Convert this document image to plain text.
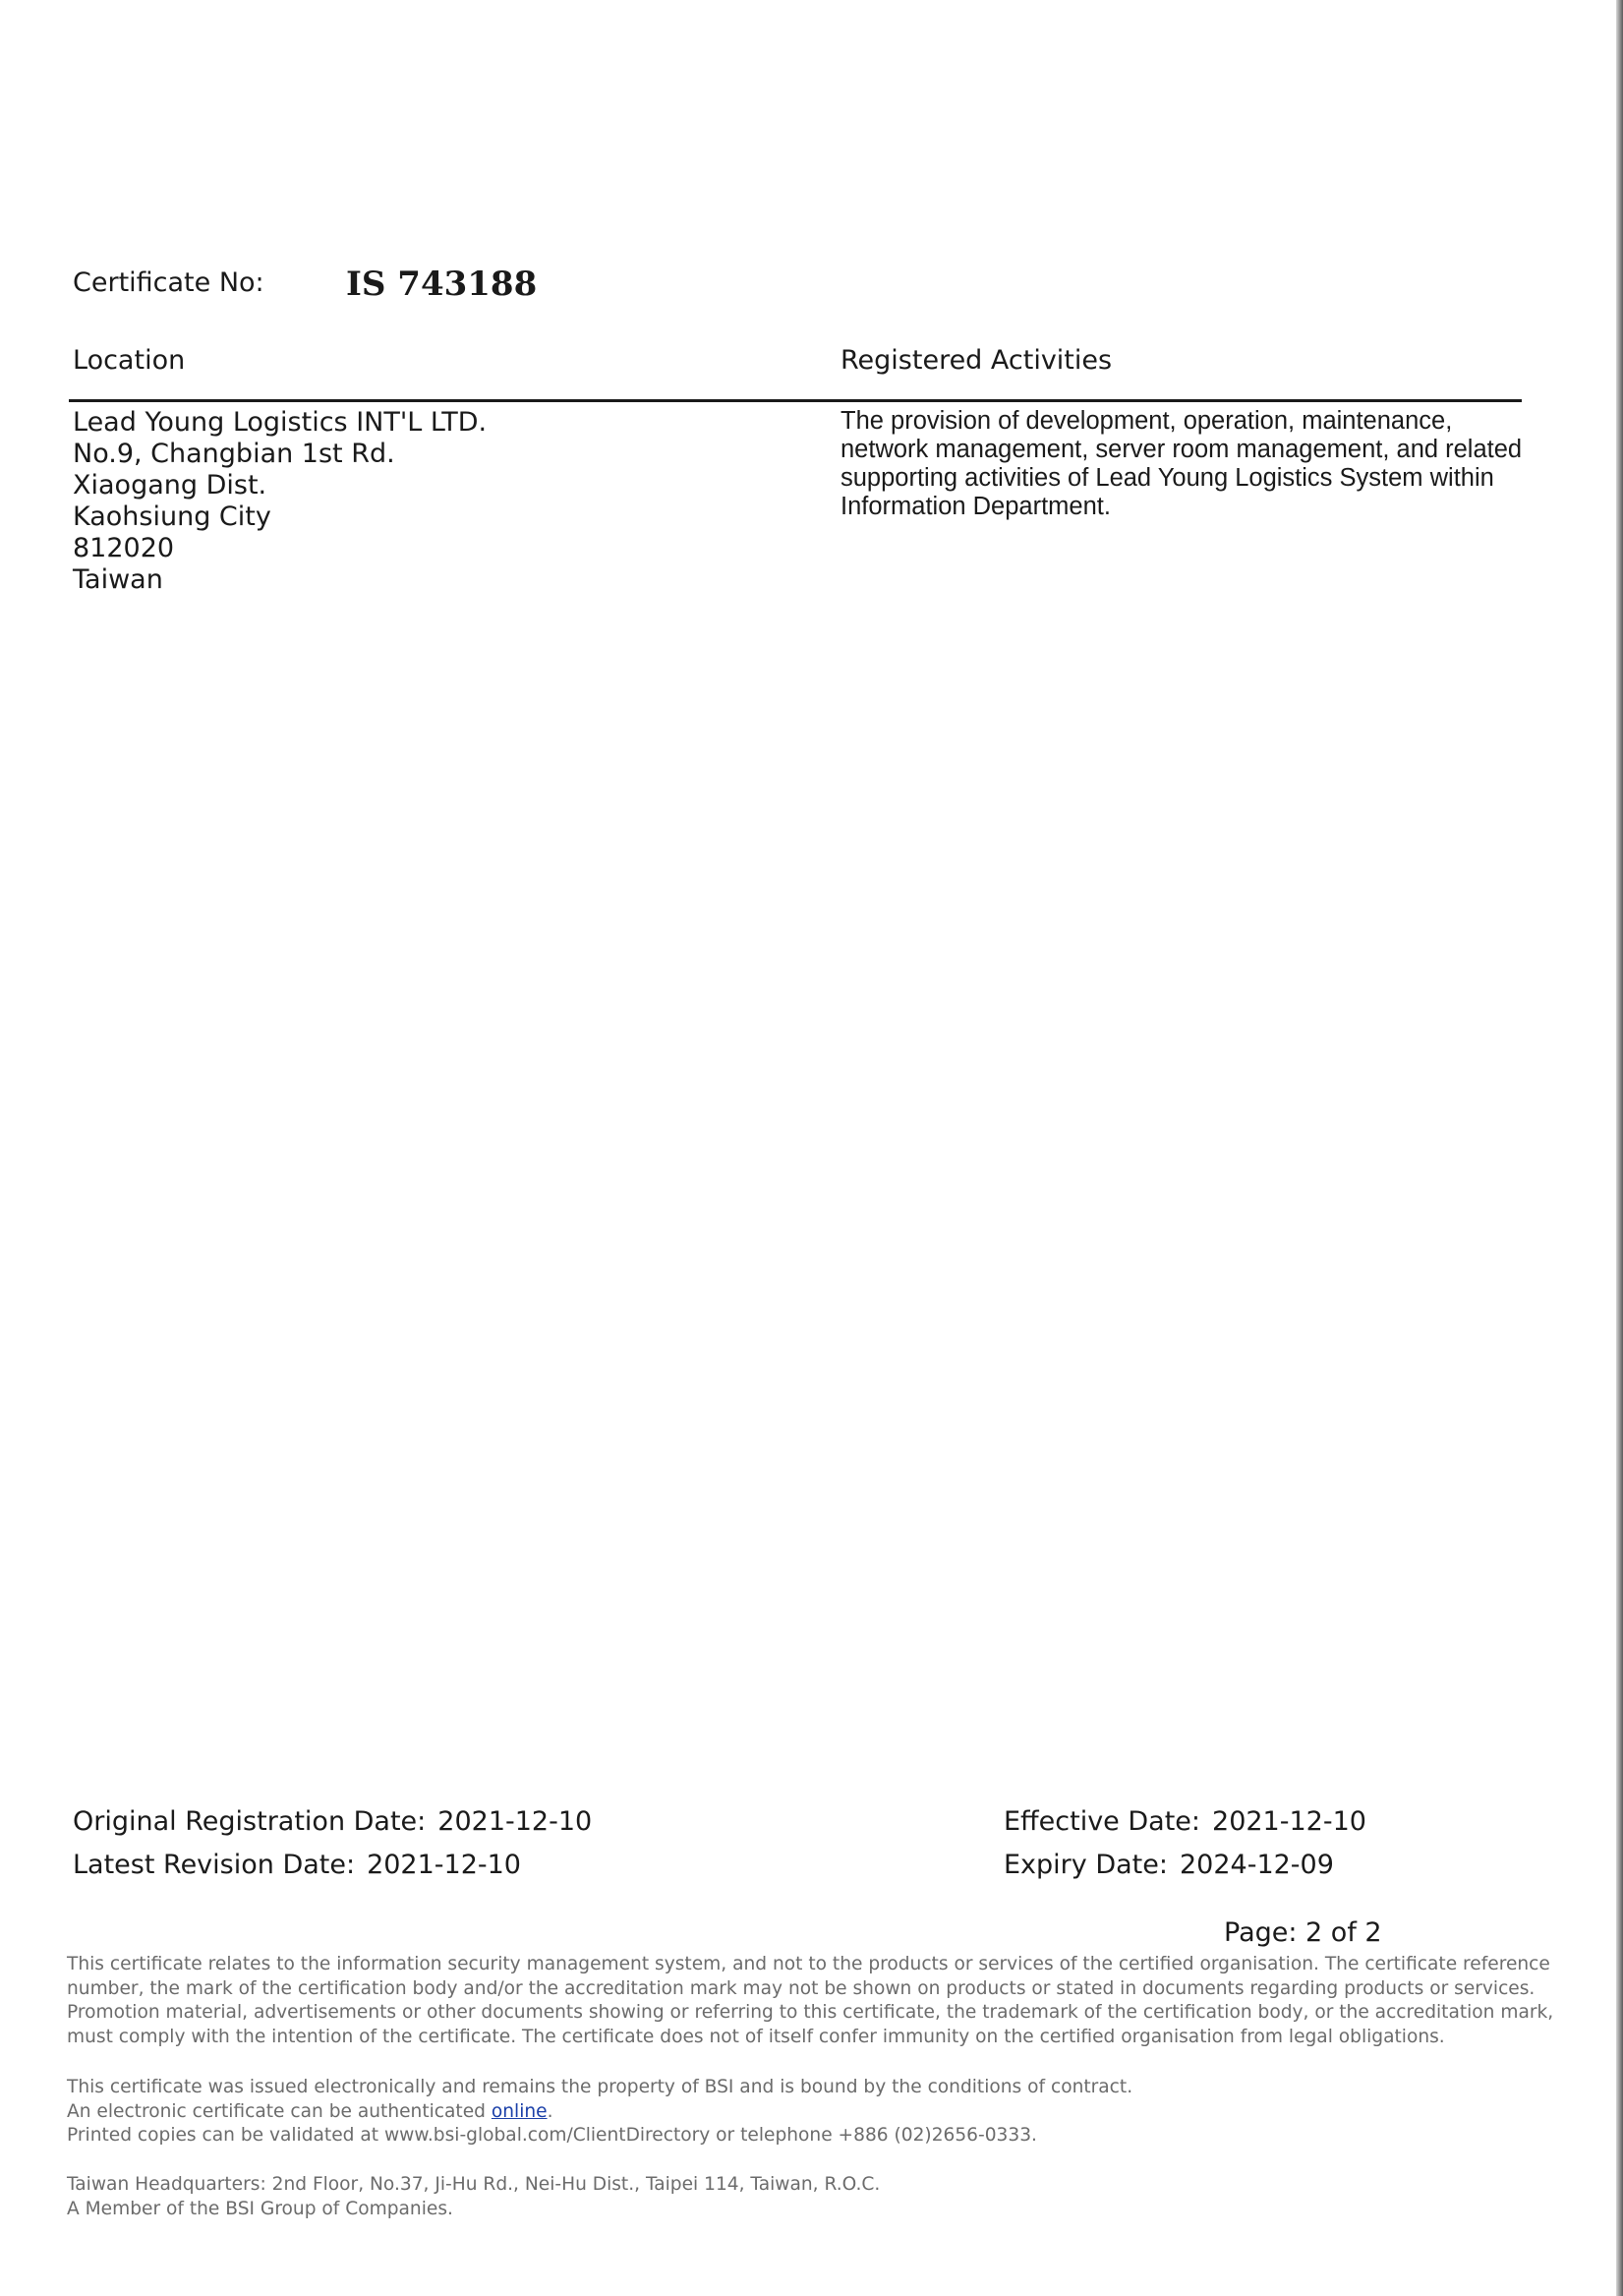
Certificate No: IS 743188
Location	Registered Activities
Lead Young Logistics INT'L LTD.
No.9, Changbian 1st Rd.
Xiaogang Dist.
Kaohsiung City
812020
Taiwan
The provision of development, operation, maintenance,
network management, server room management, and related
supporting activities of Lead Young Logistics System within
Information Department.
Original Registration Date: 2021-12-10
Latest Revision Date: 2021-12-10
Effective Date: 2021-12-10
Expiry Date: 2024-12-09
Page: 2 of 2
This certificate relates to the information security management system, and not to the products or services of the certified organisation. The certificate reference
number, the mark of the certification body and/or the accreditation mark may not be shown on products or stated in documents regarding products or services.
Promotion material, advertisements or other documents showing or referring to this certificate, the trademark of the certification body, or the accreditation mark,
must comply with the intention of the certificate. The certificate does not of itself confer immunity on the certified organisation from legal obligations.
This certificate was issued electronically and remains the property of BSI and is bound by the conditions of contract.
An electronic certificate can be authenticated online.
Printed copies can be validated at www.bsi-global.com/ClientDirectory or telephone +886 (02)2656-0333.
Taiwan Headquarters: 2nd Floor, No.37, Ji-Hu Rd., Nei-Hu Dist., Taipei 114, Taiwan, R.O.C.
A Member of the BSI Group of Companies.
